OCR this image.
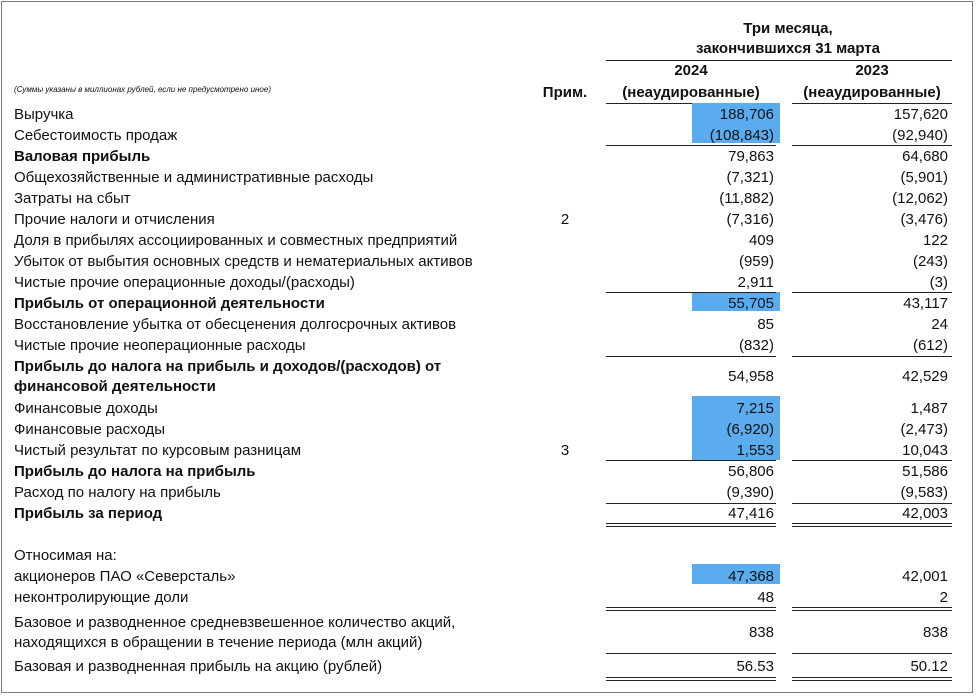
Три месяца,
закончившихся 31 марта
2024	2023
(Суммы указаны в миллионах рублей, если не предусмотрено иное)	Прим.	(неаудированные)	(неаудированные)
Выручка	188,706	157,620
Себестоимость продаж	(108,843)	(92,940)
Валовая прибыль	79,863	64,680
Общехозяйственные и административные расходы	(7,321)	(5,901)
Затраты на сбыт	(11,882)	(12,062)
Прочие налоги и отчисления	2	(7,316)	(3,476)
Доля в прибылях ассоциированных и совместных предприятий	409	122
Убыток от выбытия основных средств и нематериальных активов	(959)	(243)
Чистые прочие операционные доходы/(расходы)	2,911	(3)
Прибыль от операционной деятельности	55,705	43,117
Восстановление убытка от обесценения долгосрочных активов	85	24
Чистые прочие неоперационные расходы	(832)	(612)
Прибыль до налога на прибыль и доходов/(расходов) от
финансовой деятельности
54,958	42,529
Финансовые доходы	7,215	1,487
Финансовые расходы	(6,920)	(2,473)
Чистый результат по курсовым разницам	3	1,553	10,043
Прибыль до налога на прибыль	56,806	51,586
Расход по налогу на прибыль	(9,390)	(9,583)
Прибыль за период	47,416	42,003
Относимая на:
акционеров ПАО «Северсталь»	47,368	42,001
неконтролирующие доли	48	2
Базовое и разводненное средневзвешенное количество акций,
находящихся в обращении в течение периода (млн акций)
838	838
Базовая и разводненная прибыль на акцию (рублей)	56.53	50.12
